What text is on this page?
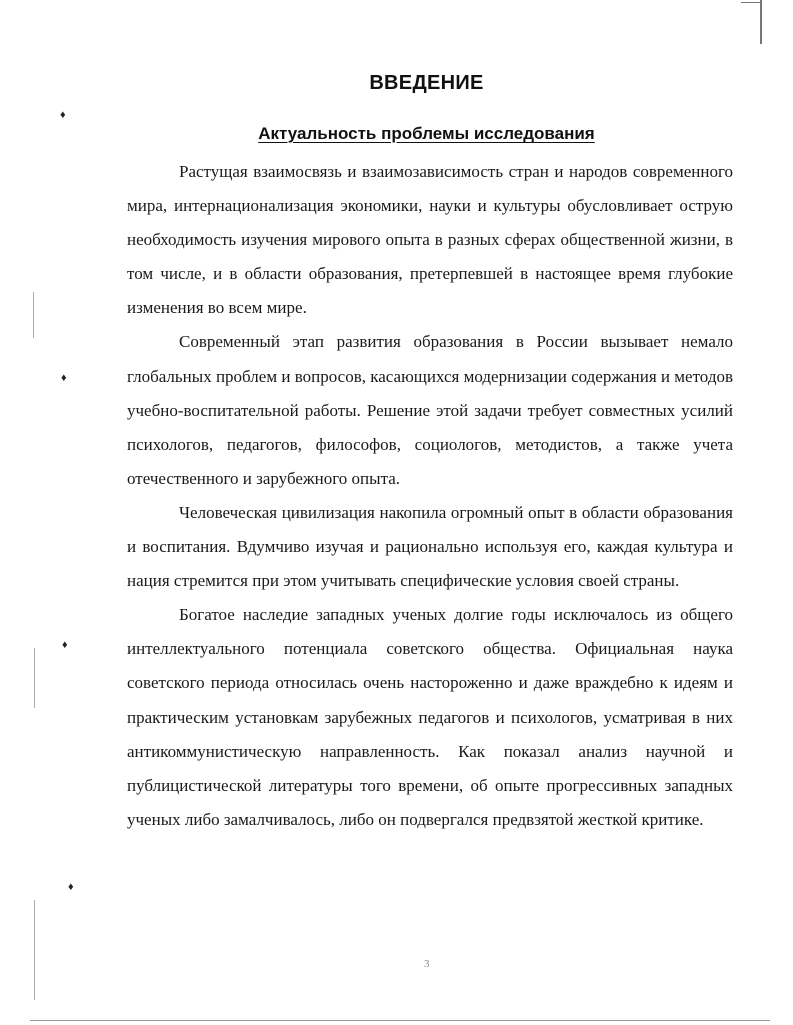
♦
♦
♦
♦
ВВЕДЕНИЕ
Актуальность проблемы исследования

Растущая взаимосвязь и взаимозависимость стран и народов современного мира, интернационализация экономики, науки и культуры обусловливает острую необходимость изучения мирового опыта в разных сферах общественной жизни, в том числе, и в области образования, претерпевшей в настоящее время глубокие изменения во всем мире.

Современный этап развития образования в России вызывает немало глобальных проблем и вопросов, касающихся модернизации содержания и методов учебно-воспитательной работы. Решение этой задачи требует совместных усилий психологов, педагогов, философов, социологов, методистов, а также учета отечественного и зарубежного опыта.

Человеческая цивилизация накопила огромный опыт в области образования и воспитания. Вдумчиво изучая и рационально используя его, каждая культура и нация стремится при этом учитывать специфические условия своей страны.

Богатое наследие западных ученых долгие годы исключалось из общего интеллектуального потенциала советского общества. Официальная наука советского периода относилась очень настороженно и даже враждебно к идеям и практическим установкам зарубежных педагогов и психологов, усматривая в них антикоммунистическую направленность. Как показал анализ научной и публицистической литературы того времени, об опыте прогрессивных западных ученых либо замалчивалось, либо он подвергался предвзятой жесткой критике.

3
